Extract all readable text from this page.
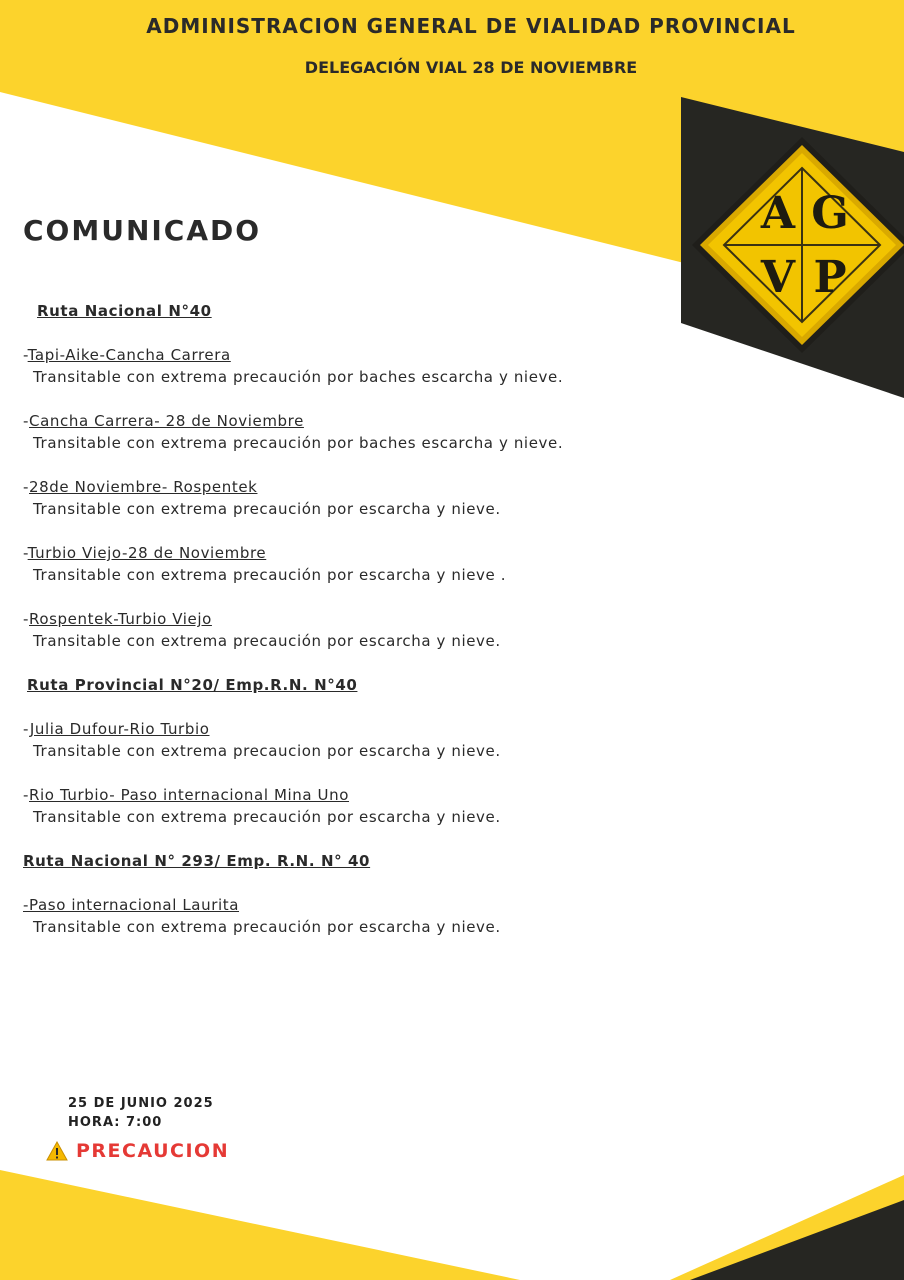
A G
V P
ADMINISTRACION GENERAL DE VIALIDAD PROVINCIAL
DELEGACIÓN VIAL 28 DE NOVIEMBRE
COMUNICADO

Ruta Nacional N°40

-Tapi-Aike-Cancha Carrera

Transitable con extrema precaución por baches escarcha y nieve.

-Cancha Carrera- 28 de Noviembre

Transitable con extrema precaución por baches escarcha y nieve.

-28de Noviembre- Rospentek

Transitable con extrema precaución por escarcha y nieve.

-Turbio Viejo-28 de Noviembre

Transitable con extrema precaución por escarcha y nieve .

-Rospentek-Turbio Viejo

Transitable con extrema precaución por escarcha y nieve.

Ruta Provincial N°20/ Emp.R.N. N°40

-Julia Dufour-Rio Turbio

Transitable con extrema precaucion por escarcha y nieve.

-Rio Turbio- Paso internacional Mina Uno

Transitable con extrema precaución por escarcha y nieve.

Ruta Nacional N° 293/ Emp. R.N. N° 40

-Paso internacional Laurita

Transitable con extrema precaución por escarcha y nieve.

25 DE JUNIO 2025
HORA: 7:00
PRECAUCION
